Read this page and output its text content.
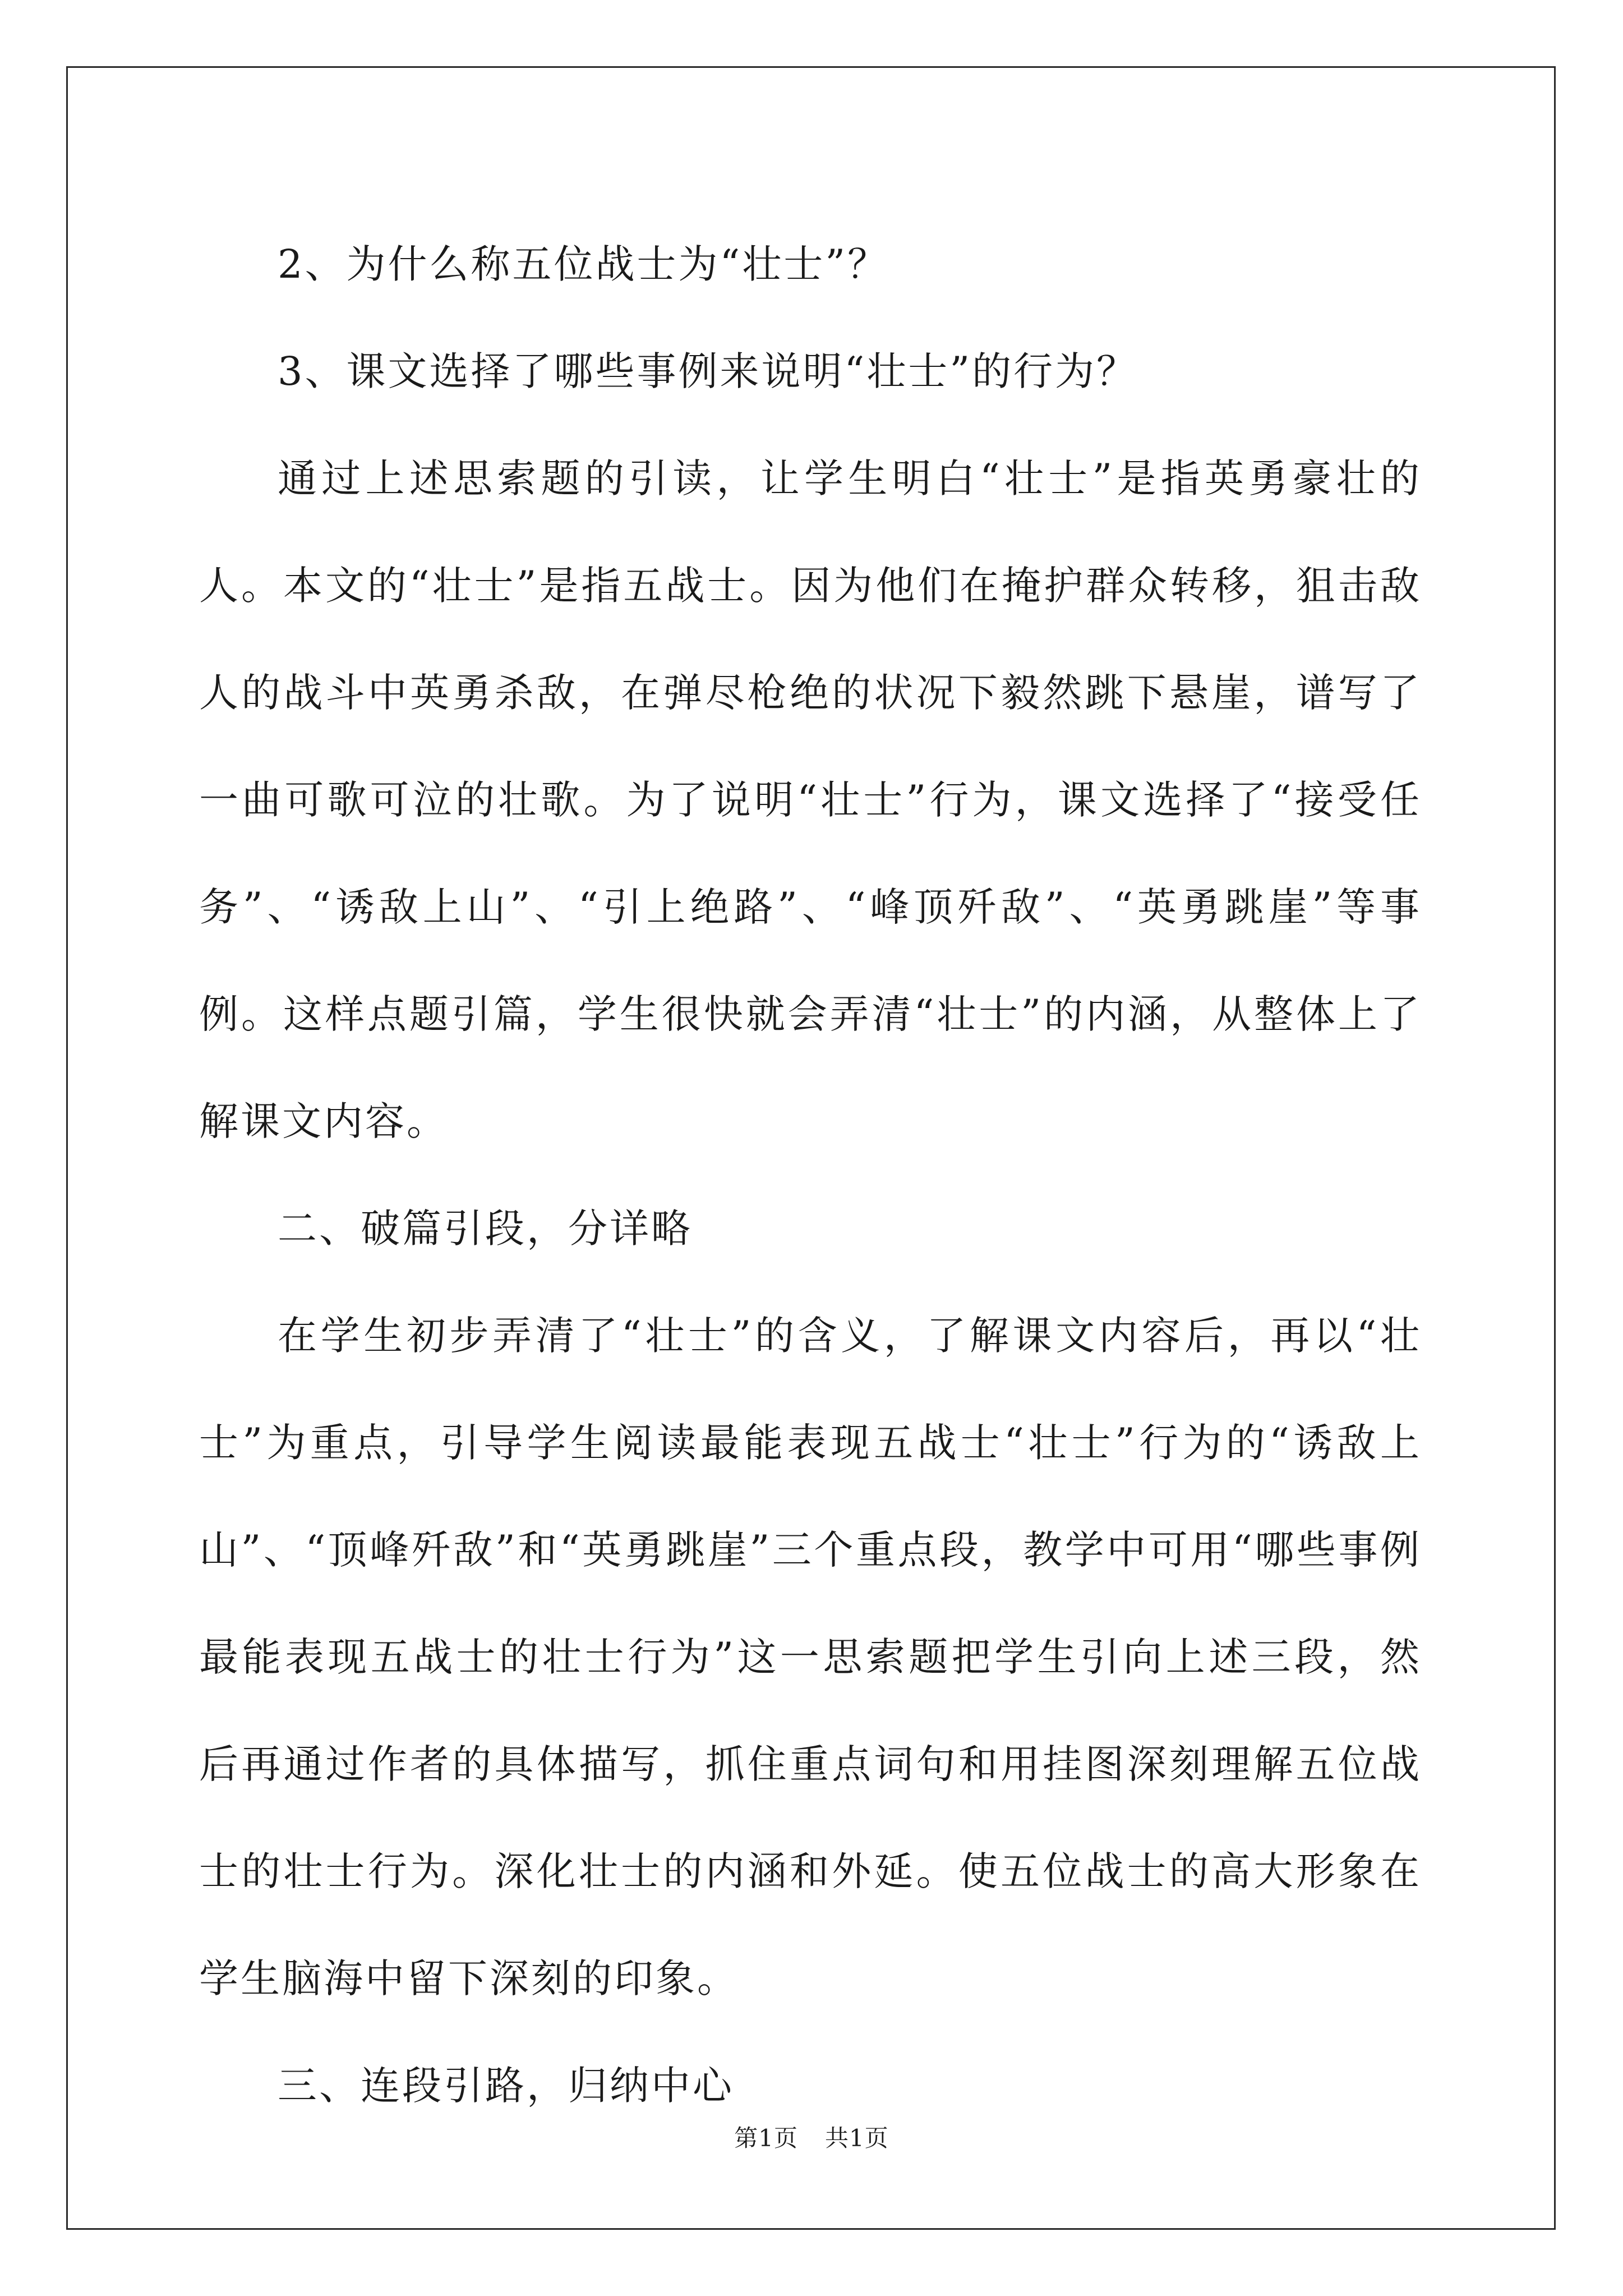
2、为什么称五位战士为“壮士”？

3、课文选择了哪些事例来说明“壮士”的行为？

通过上述思索题的引读，让学生明白“壮士”是指英勇豪壮的人。本文的“壮士”是指五战士。因为他们在掩护群众转移，狙击敌人的战斗中英勇杀敌，在弹尽枪绝的状况下毅然跳下悬崖，谱写了一曲可歌可泣的壮歌。为了说明“壮士”行为，课文选择了“接受任务”、“诱敌上山”、“引上绝路”、“峰顶歼敌”、“英勇跳崖”等事例。这样点题引篇，学生很快就会弄清“壮士”的内涵，从整体上了解课文内容。

二、破篇引段，分详略

在学生初步弄清了“壮士”的含义，了解课文内容后，再以“壮士”为重点，引导学生阅读最能表现五战士“壮士”行为的“诱敌上山”、“顶峰歼敌”和“英勇跳崖”三个重点段，教学中可用“哪些事例最能表现五战士的壮士行为”这一思索题把学生引向上述三段，然后再通过作者的具体描写，抓住重点词句和用挂图深刻理解五位战士的壮士行为。深化壮士的内涵和外延。使五位战士的高大形象在学生脑海中留下深刻的印象。

三、连段引路，归纳中心

第1页 共1页
